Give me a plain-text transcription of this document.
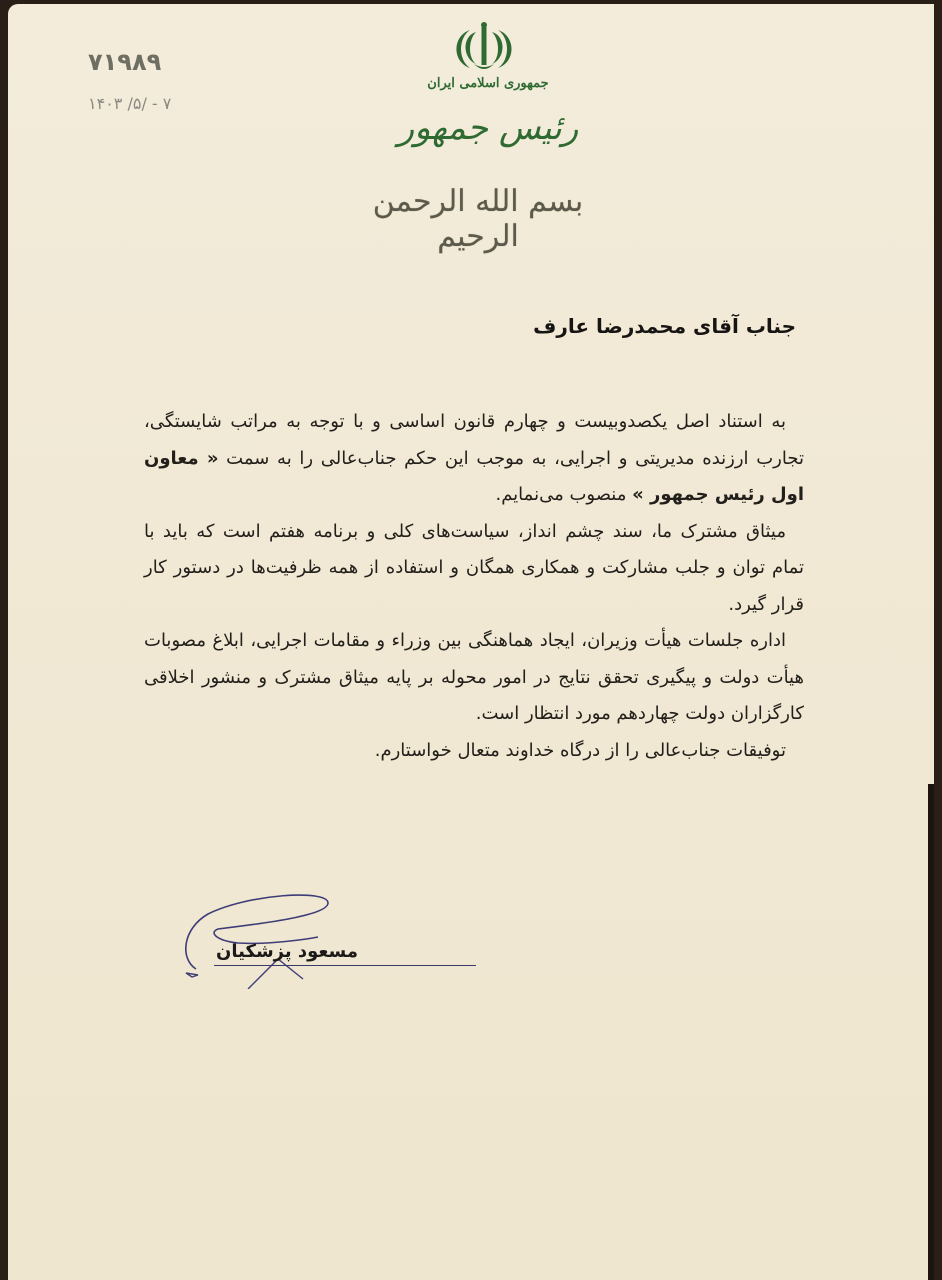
۷۱۹۸۹
۱۴۰۳ /۵/ - ۷
جمهوری اسلامی ایران
رئیس جمهور
بسم الله الرحمن الرحیم
جناب آقای محمدرضا عارف

به استناد اصل یکصدوبیست و چهارم قانون اساسی و با توجه به مراتب شایستگی، تجارب ارزنده مدیریتی و اجرایی، به موجب این حکم جناب‌عالی را به سمت « معاون اول رئیس جمهور » منصوب می‌نمایم.

میثاق مشترک ما، سند چشم انداز، سیاست‌های کلی و برنامه هفتم است که باید با تمام توان و جلب مشارکت و همکاری همگان و استفاده از همه ظرفیت‌ها در دستور کار قرار گیرد.

اداره جلسات هیأت وزیران، ایجاد هماهنگی بین وزراء و مقامات اجرایی، ابلاغ مصوبات هیأت دولت و پیگیری تحقق نتایج در امور محوله بر پایه میثاق مشترک و منشور اخلاقی کارگزاران دولت چهاردهم مورد انتظار است.

توفیقات جناب‌عالی را از درگاه خداوند متعال خواستارم.

مسعود پزشکیان
